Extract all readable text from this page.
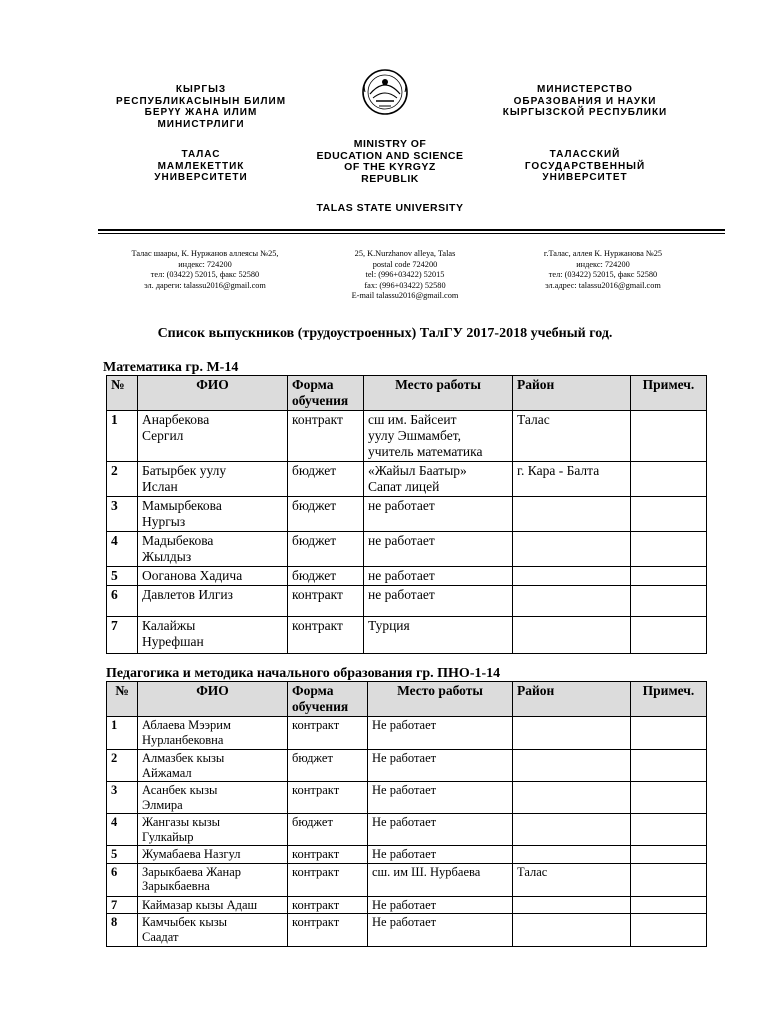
КЫРГЫЗ
РЕСПУБЛИКАСЫНЫН БИЛИМ
БЕРҮҮ ЖАНА ИЛИМ
МИНИСТРЛИГИ
ТАЛАС
МАМЛЕКЕТТИК
УНИВЕРСИТЕТИ
MINISTRY OF
EDUCATION AND SCIENCE
OF THE KYRGYZ
REPUBLIK
TALAS STATE UNIVERSITY
МИНИСТЕРСТВО
ОБРАЗОВАНИЯ И НАУКИ
КЫРГЫЗСКОЙ РЕСПУБЛИКИ
ТАЛАССКИЙ
ГОСУДАРСТВЕННЫЙ
УНИВЕРСИТЕТ
Талас шаары, К. Нуржанов аллеясы №25,
индекс: 724200
тел: (03422) 52015, факс 52580
эл. дареги: talassu2016@gmail.com
25, K.Nurzhanov alleya, Talas
postal code 724200
tel: (996+03422) 52015
fax: (996+03422) 52580
E-mail talassu2016@gmail.com
г.Талас, аллея К. Нуржанова №25
индекс: 724200
тел: (03422) 52015, факс 52580
эл.адрес: talassu2016@gmail.com
Список выпускников (трудоустроенных) ТалГУ 2017-2018 учебный год.
Математика гр. М-14
№	ФИО	Форма обучения	Место работы	Район	Примеч.
1	Анарбекова
Сергил	контракт	сш им. Байсеит
уулу Эшмамбет,
учитель математика	Талас	
2	Батырбек уулу
Ислан	бюджет	«Жайыл Баатыр»
Сапат лицей	г. Кара - Балта	
3	Мамырбекова
Нургыз	бюджет	не работает		

4	Мадыбекова
Жылдыз	бюджет	не работает		

5	Ооганова Хадича	бюджет	не работает		

6	Давлетов Илгиз	контракт	не работает		

7	Калайжы
Нурефшан	контракт	Турция		

Педагогика и методика начального образования гр. ПНО-1-14
№	ФИО	Форма обучения	Место работы	Район	Примеч.
1	Аблаева Мээрим
Нурланбековна	контракт	Не работает		

2	Алмазбек кызы
Айжамал	бюджет	Не работает		

3	Асанбек кызы
Элмира	контракт	Не работает		

4	Жангазы кызы
Гулкайыр	бюджет	Не работает		

5	Жумабаева Назгул	контракт	Не работает		

6	Зарыкбаева Жанар
Зарыкбаевна	контракт	сш. им Ш. Нурбаева	Талас	
7	Каймазар кызы Адаш	контракт	Не работает		

8	Камчыбек кызы
Саадат	контракт	Не работает		
